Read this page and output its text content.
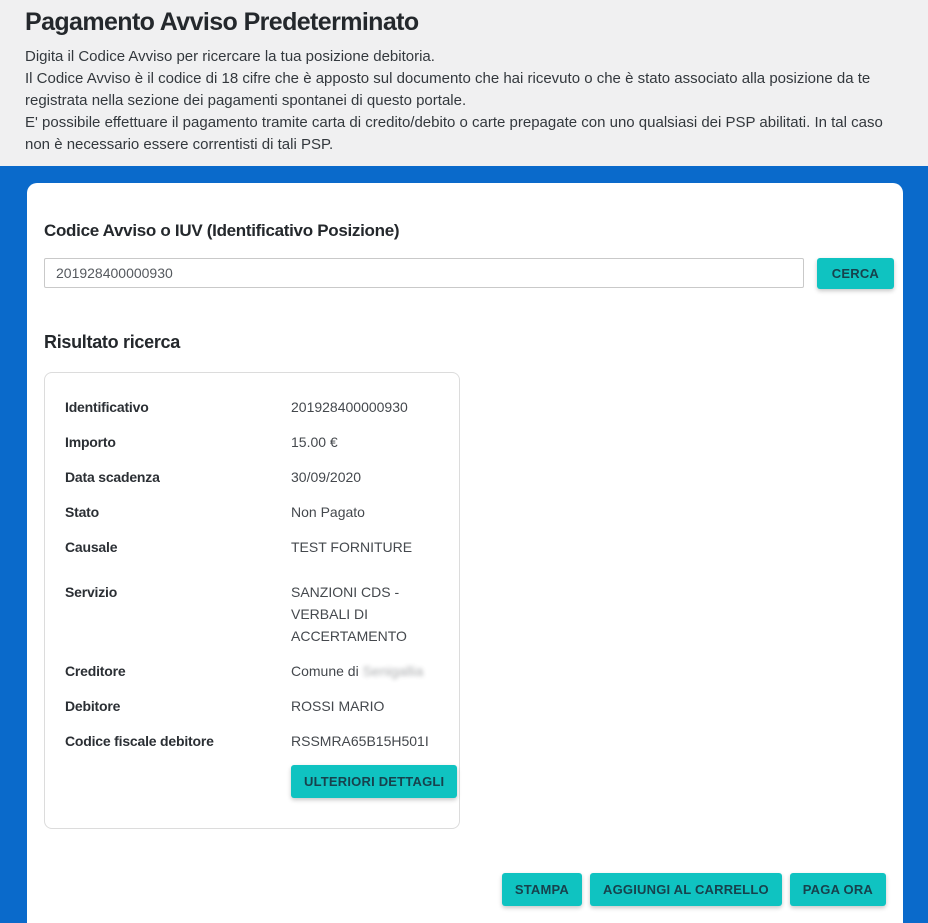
Pagamento Avviso Predeterminato
Digita il Codice Avviso per ricercare la tua posizione debitoria.
Il Codice Avviso è il codice di 18 cifre che è apposto sul documento che hai ricevuto o che è stato associato alla posizione da te registrata nella sezione dei pagamenti spontanei di questo portale.
E' possibile effettuare il pagamento tramite carta di credito/debito o carte prepagate con uno qualsiasi dei PSP abilitati. In tal caso non è necessario essere correntisti di tali PSP.
Codice Avviso o IUV (Identificativo Posizione)
201928400000930
CERCA
Risultato ricerca
Identificativo	201928400000930
Importo	15.00 €
Data scadenza	30/09/2020
Stato	Non Pagato
Causale	TEST FORNITURE
Servizio	SANZIONI CDS - VERBALI DI ACCERTAMENTO
Creditore	Comune di Senigallia
Debitore	ROSSI MARIO
Codice fiscale debitore	RSSMRA65B15H501I
ULTERIORI DETTAGLI
STAMPA	AGGIUNGI AL CARRELLO	PAGA ORA
